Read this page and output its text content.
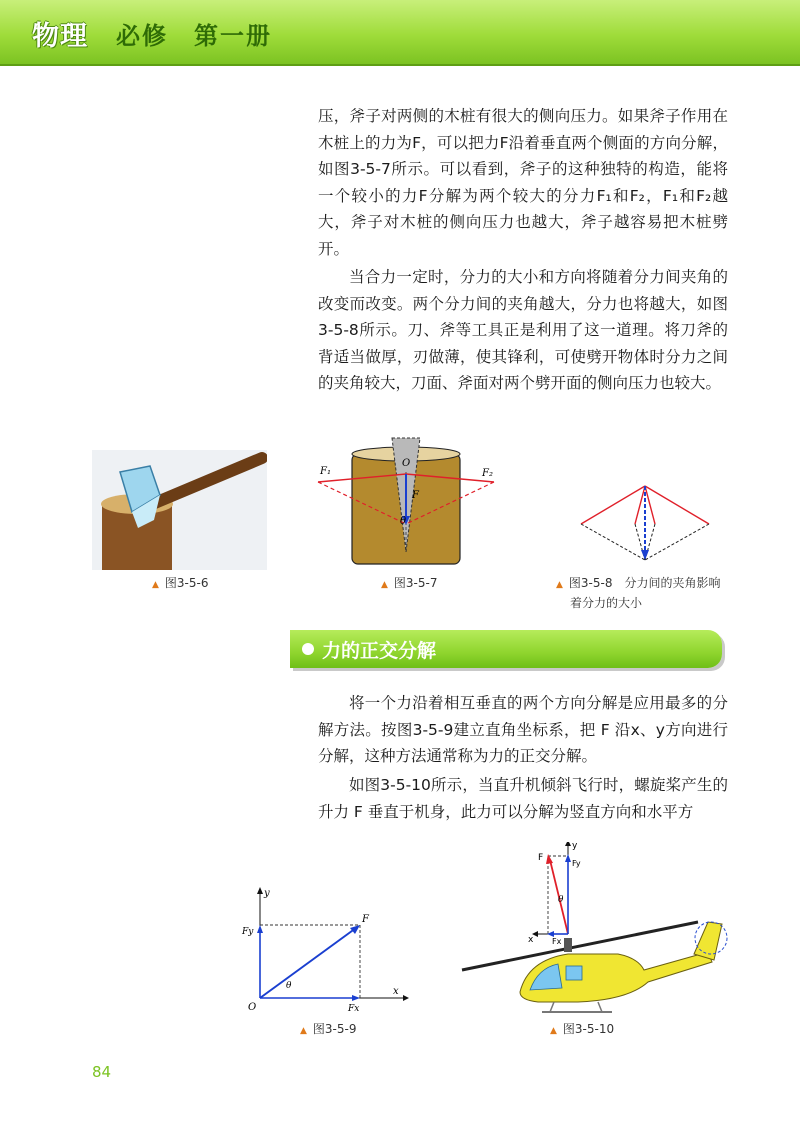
物理 必修　第一册

压，斧子对两侧的木桩有很大的侧向压力。如果斧子作用在木桩上的力为F，可以把力F沿着垂直两个侧面的方向分解，如图3-5-7所示。可以看到，斧子的这种独特的构造，能将一个较小的力F分解为两个较大的分力F₁和F₂，F₁和F₂越大，斧子对木桩的侧向压力也越大，斧子越容易把木桩劈开。

当合力一定时，分力的大小和方向将随着分力间夹角的改变而改变。两个分力间的夹角越大，分力也将越大，如图3-5-8所示。刀、斧等工具正是利用了这一道理。将刀斧的背适当做厚，刃做薄，使其锋利，可使劈开物体时分力之间的夹角较大，刀面、斧面对两个劈开面的侧向压力也较大。

▲ 图3-5-6
O
F₁	F₂
F
θ
▲ 图3-5-7	▲ 图3-5-8　分力间的夹角影响
着分力的大小
力的正交分解

将一个力沿着相互垂直的两个方向分解是应用最多的分解方法。按图3-5-9建立直角坐标系，把 F 沿x、y方向进行分解，这种方法通常称为力的正交分解。

如图3-5-10所示，当直升机倾斜飞行时，螺旋桨产生的升力 F 垂直于机身，此力可以分解为竖直方向和水平方

O
y
x
F
Fy
Fx
θ
▲ 图3-5-9
F
y
Fy
x Fx
θ
▲ 图3-5-10
84
